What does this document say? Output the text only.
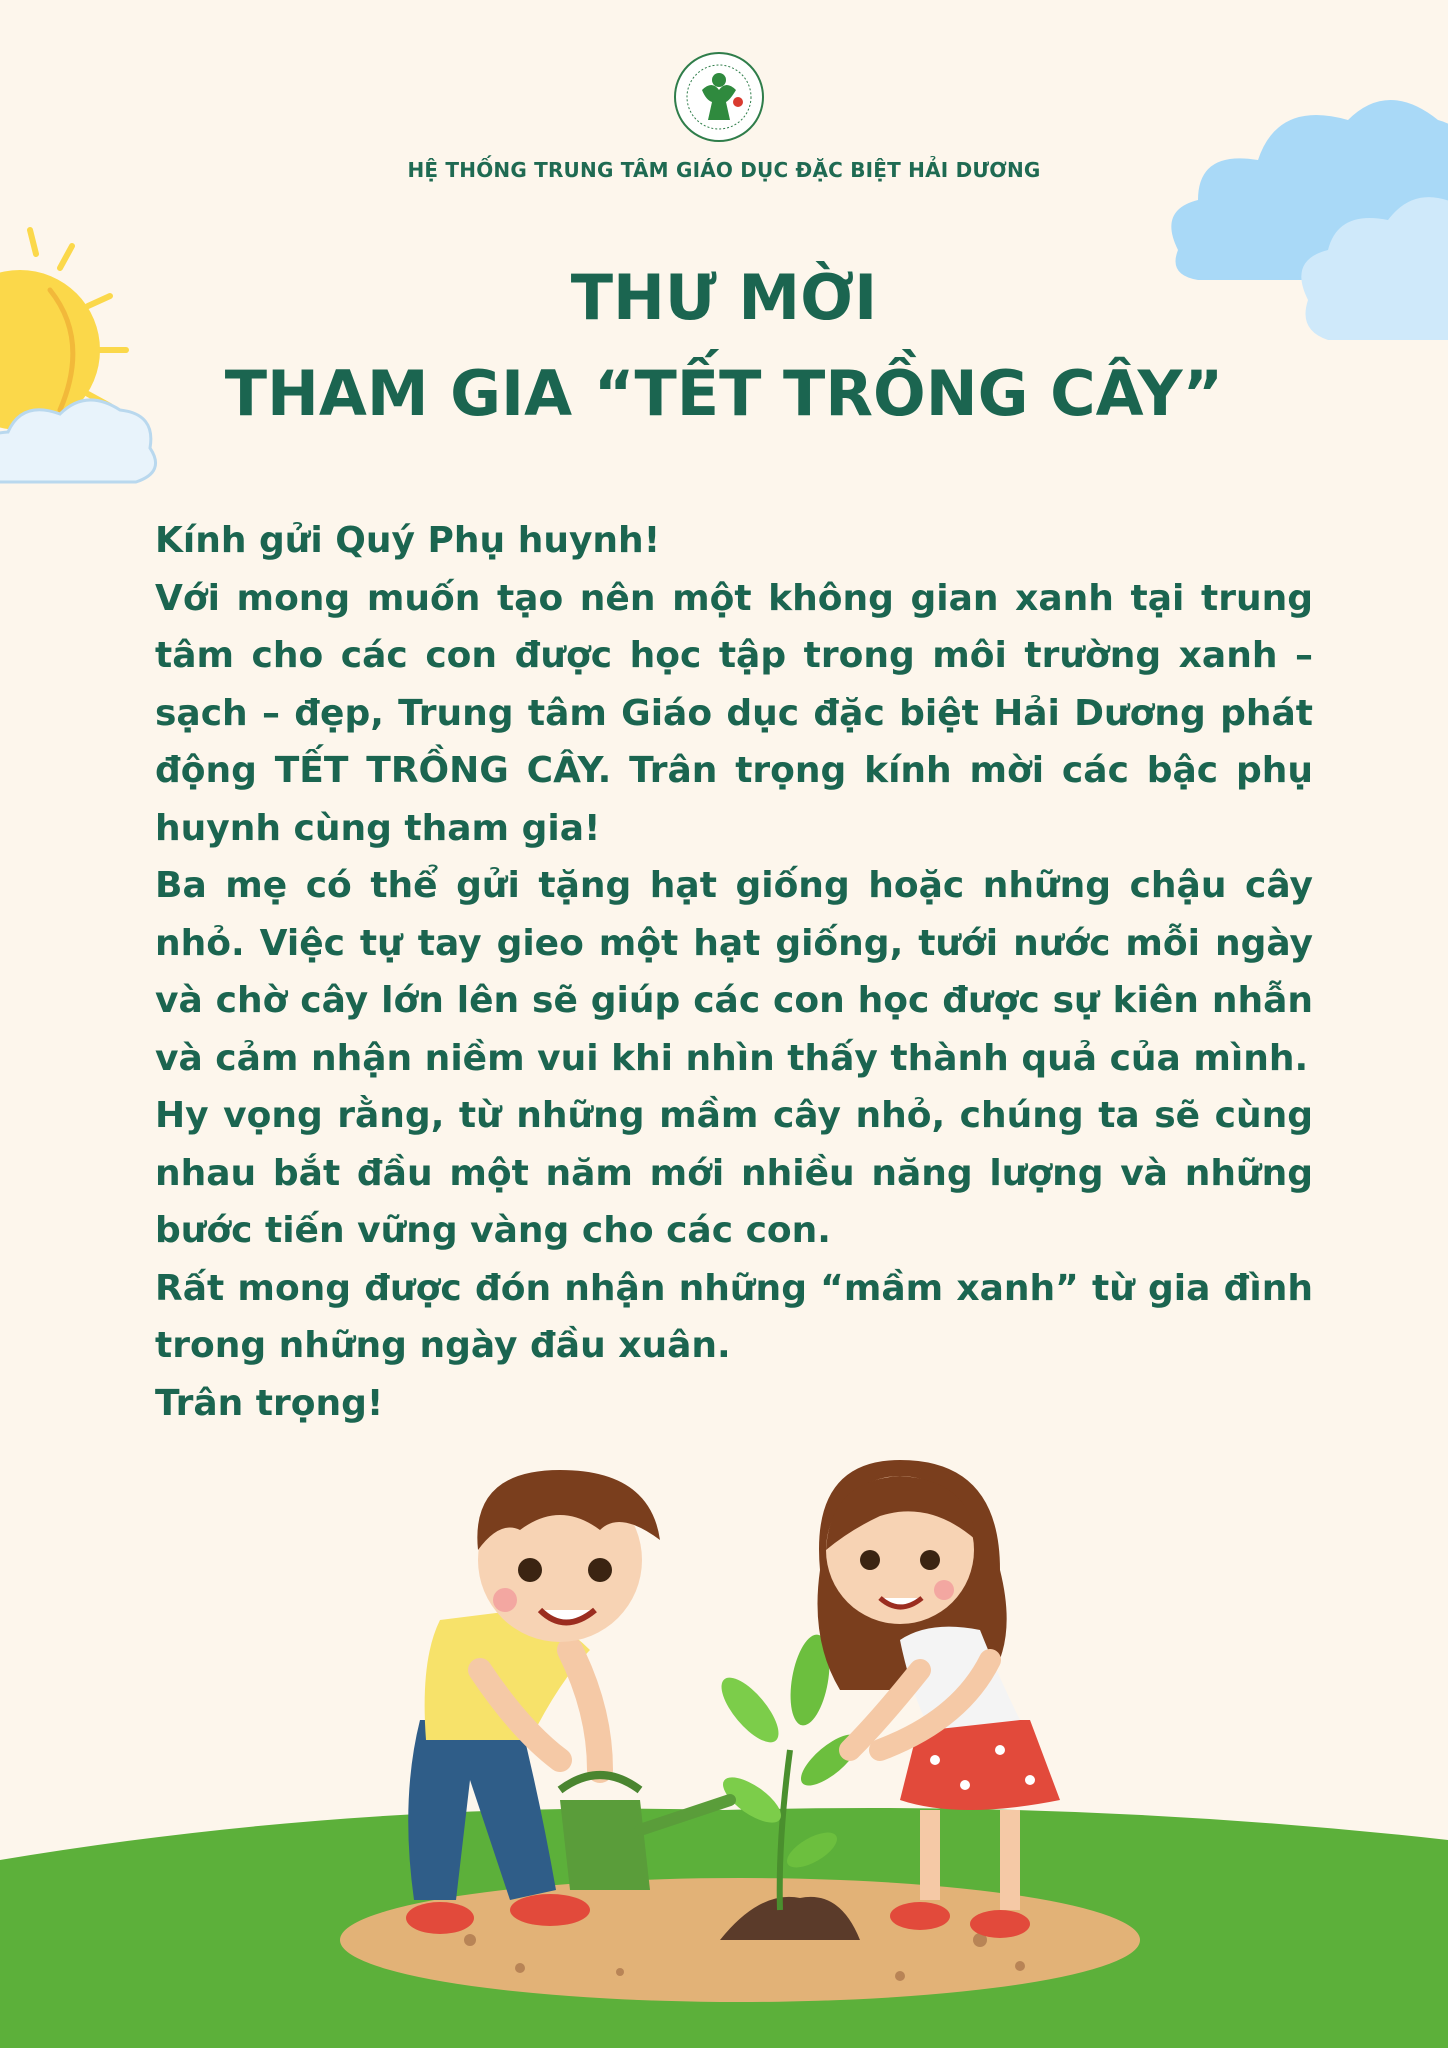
HỆ THỐNG TRUNG TÂM GIÁO DỤC ĐẶC BIỆT HẢI DƯƠNG
THƯ MỜI
THAM GIA “TẾT TRỒNG CÂY”

Kính gửi Quý Phụ huynh!

Với mong muốn tạo nên một không gian xanh tại trung tâm cho các con được học tập trong môi trường xanh – sạch – đẹp, Trung tâm Giáo dục đặc biệt Hải Dương phát động TẾT TRỒNG CÂY. Trân trọng kính mời các bậc phụ huynh cùng tham gia!

Ba mẹ có thể gửi tặng hạt giống hoặc những chậu cây nhỏ. Việc tự tay gieo một hạt giống, tưới nước mỗi ngày và chờ cây lớn lên sẽ giúp các con học được sự kiên nhẫn và cảm nhận niềm vui khi nhìn thấy thành quả của mình.

Hy vọng rằng, từ những mầm cây nhỏ, chúng ta sẽ cùng nhau bắt đầu một năm mới nhiều năng lượng và những bước tiến vững vàng cho các con.

Rất mong được đón nhận những “mầm xanh” từ gia đình trong những ngày đầu xuân.

Trân trọng!
